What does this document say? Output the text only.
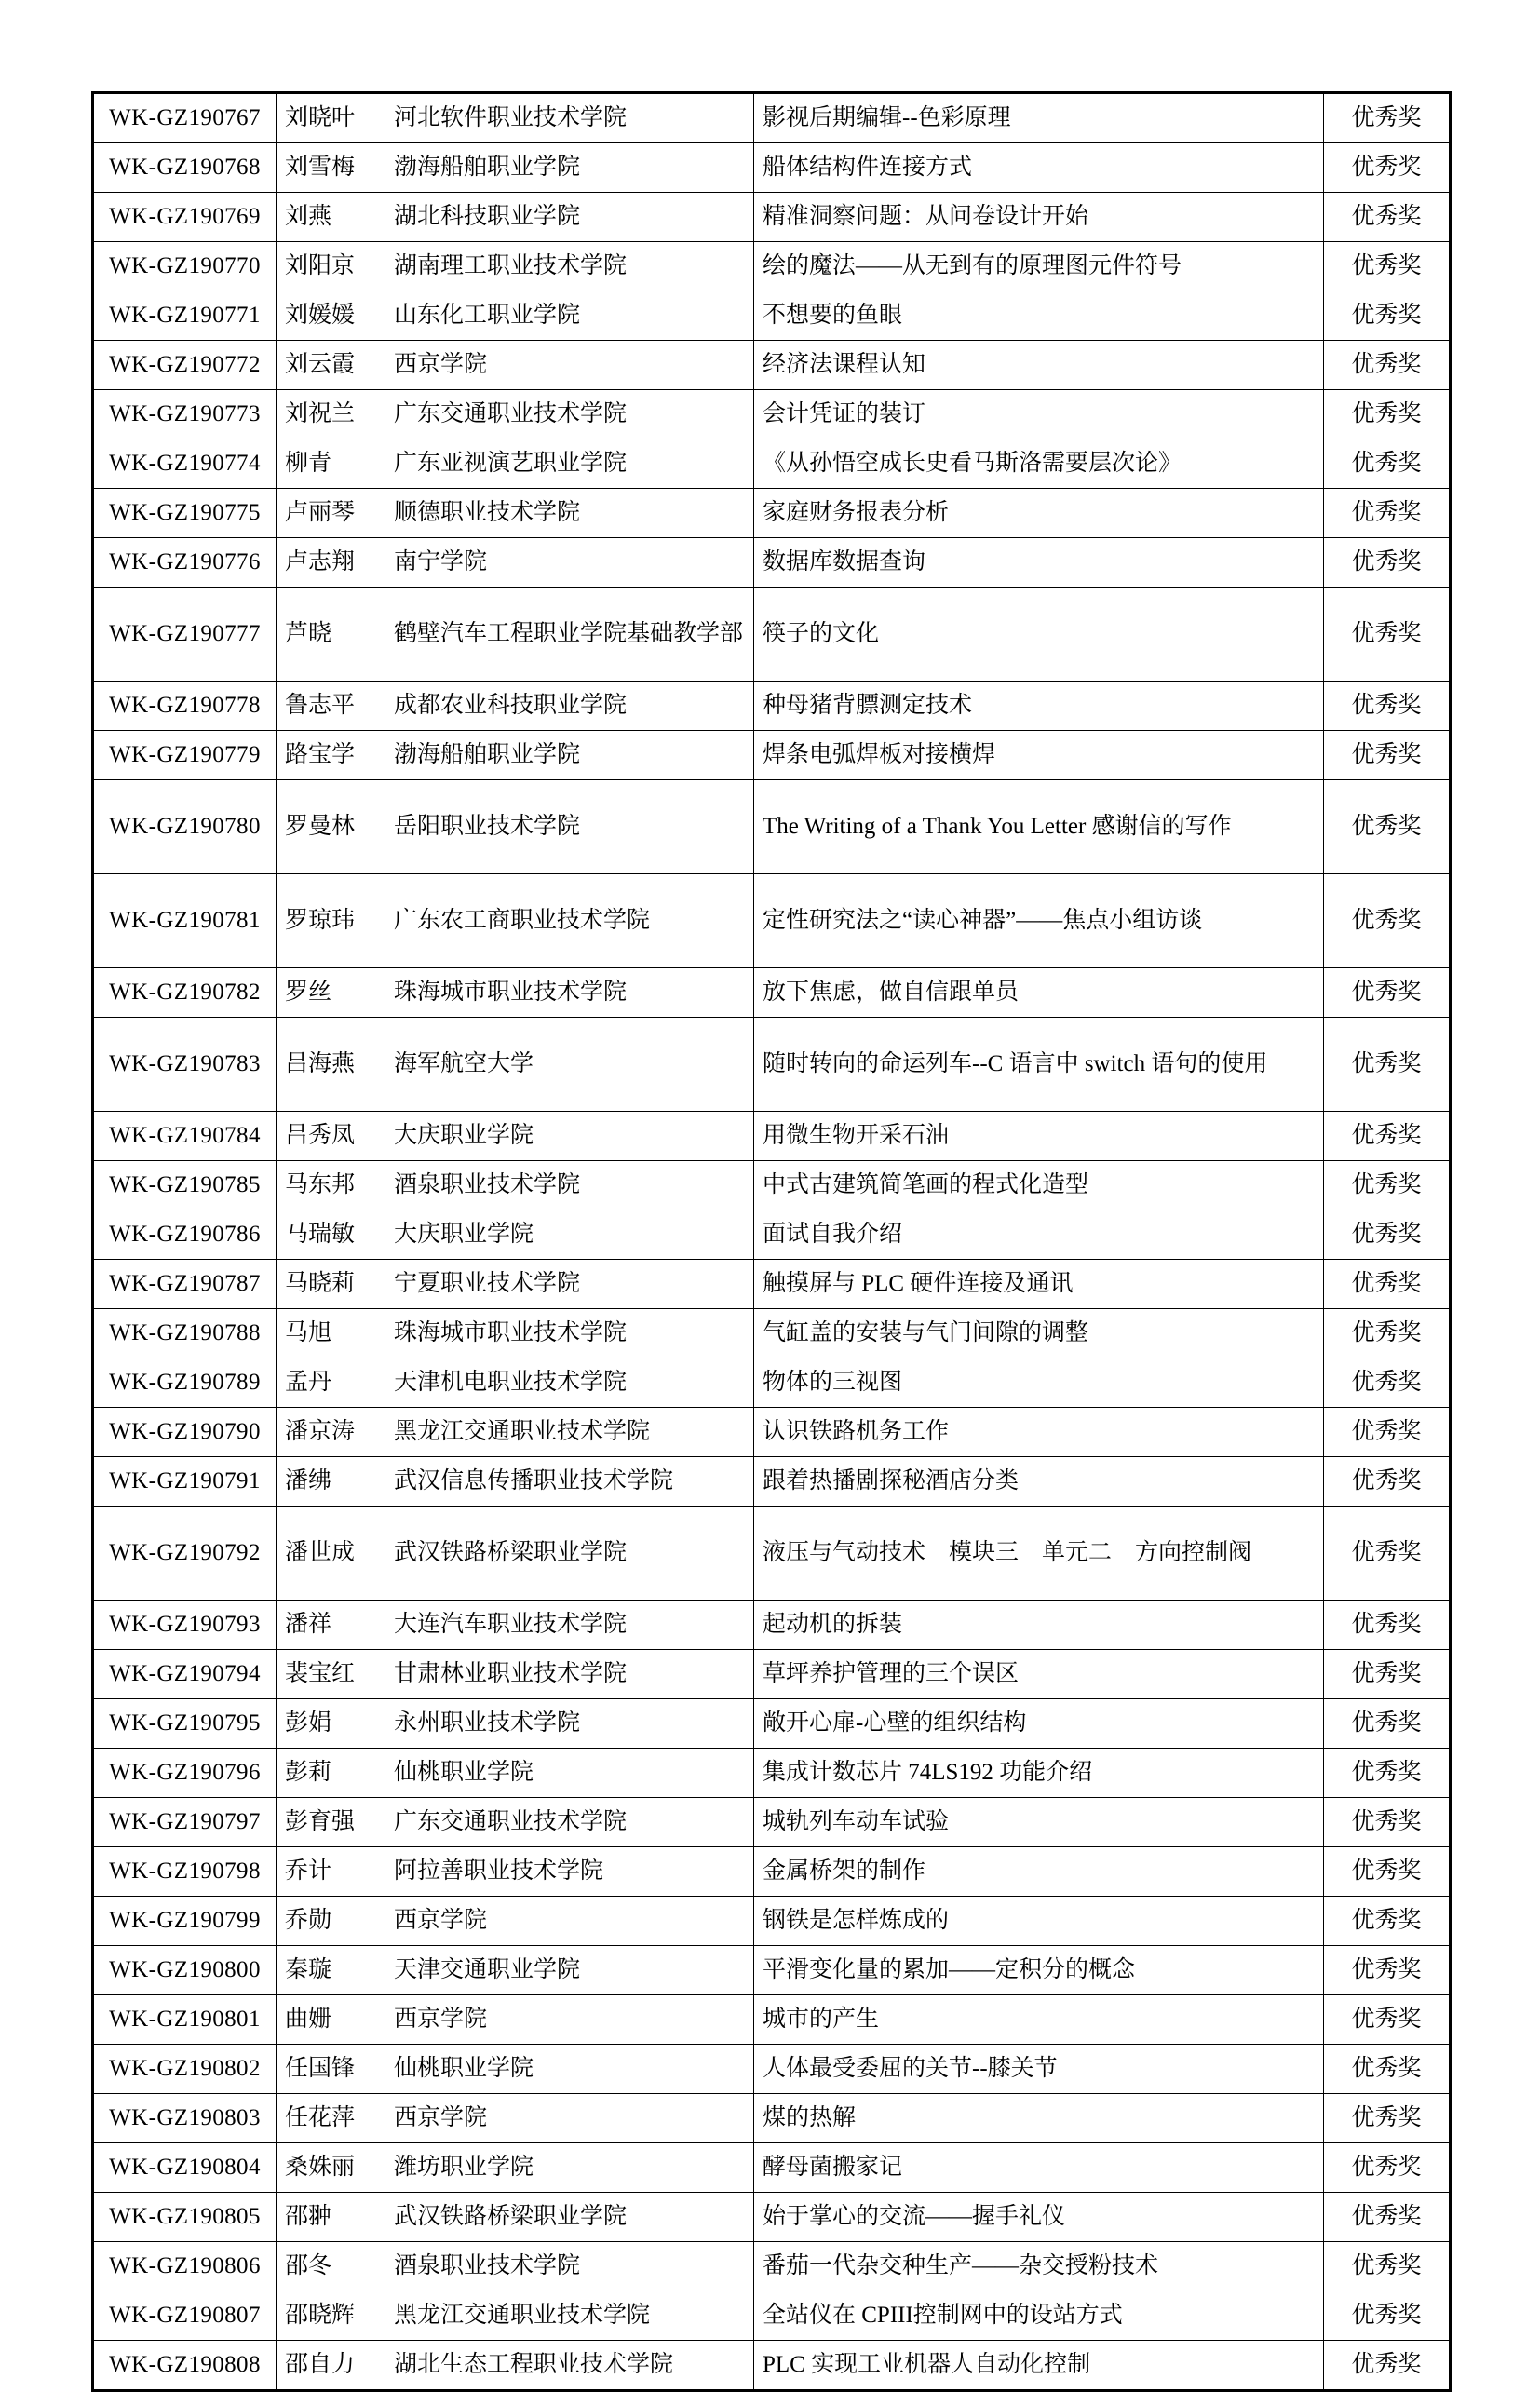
WK-GZ190767	刘晓叶	河北软件职业技术学院	影视后期编辑--色彩原理	优秀奖
WK-GZ190768	刘雪梅	渤海船舶职业学院	船体结构件连接方式	优秀奖
WK-GZ190769	刘燕	湖北科技职业学院	精准洞察问题：从问卷设计开始	优秀奖
WK-GZ190770	刘阳京	湖南理工职业技术学院	绘的魔法——从无到有的原理图元件符号	优秀奖
WK-GZ190771	刘媛媛	山东化工职业学院	不想要的鱼眼	优秀奖
WK-GZ190772	刘云霞	西京学院	经济法课程认知	优秀奖
WK-GZ190773	刘祝兰	广东交通职业技术学院	会计凭证的装订	优秀奖
WK-GZ190774	柳青	广东亚视演艺职业学院	《从孙悟空成长史看马斯洛需要层次论》	优秀奖
WK-GZ190775	卢丽琴	顺德职业技术学院	家庭财务报表分析	优秀奖
WK-GZ190776	卢志翔	南宁学院	数据库数据查询	优秀奖
WK-GZ190777	芦晓	鹤壁汽车工程职业学院基础教学部	筷子的文化	优秀奖
WK-GZ190778	鲁志平	成都农业科技职业学院	种母猪背膘测定技术	优秀奖
WK-GZ190779	路宝学	渤海船舶职业学院	焊条电弧焊板对接横焊	优秀奖
WK-GZ190780	罗曼林	岳阳职业技术学院	The Writing of a Thank You Letter 感谢信的写作	优秀奖
WK-GZ190781	罗琼玮	广东农工商职业技术学院	定性研究法之“读心神器”——焦点小组访谈	优秀奖
WK-GZ190782	罗丝	珠海城市职业技术学院	放下焦虑，做自信跟单员	优秀奖
WK-GZ190783	吕海燕	海军航空大学	随时转向的命运列车--C 语言中 switch 语句的使用	优秀奖
WK-GZ190784	吕秀凤	大庆职业学院	用微生物开采石油	优秀奖
WK-GZ190785	马东邦	酒泉职业技术学院	中式古建筑简笔画的程式化造型	优秀奖
WK-GZ190786	马瑞敏	大庆职业学院	面试自我介绍	优秀奖
WK-GZ190787	马晓莉	宁夏职业技术学院	触摸屏与 PLC 硬件连接及通讯	优秀奖
WK-GZ190788	马旭	珠海城市职业技术学院	气缸盖的安装与气门间隙的调整	优秀奖
WK-GZ190789	孟丹	天津机电职业技术学院	物体的三视图	优秀奖
WK-GZ190790	潘京涛	黑龙江交通职业技术学院	认识铁路机务工作	优秀奖
WK-GZ190791	潘绋	武汉信息传播职业技术学院	跟着热播剧探秘酒店分类	优秀奖
WK-GZ190792	潘世成	武汉铁路桥梁职业学院	液压与气动技术　模块三　单元二　方向控制阀	优秀奖
WK-GZ190793	潘祥	大连汽车职业技术学院	起动机的拆装	优秀奖
WK-GZ190794	裴宝红	甘肃林业职业技术学院	草坪养护管理的三个误区	优秀奖
WK-GZ190795	彭娟	永州职业技术学院	敞开心扉-心壁的组织结构	优秀奖
WK-GZ190796	彭莉	仙桃职业学院	集成计数芯片 74LS192 功能介绍	优秀奖
WK-GZ190797	彭育强	广东交通职业技术学院	城轨列车动车试验	优秀奖
WK-GZ190798	乔计	阿拉善职业技术学院	金属桥架的制作	优秀奖
WK-GZ190799	乔勋	西京学院	钢铁是怎样炼成的	优秀奖
WK-GZ190800	秦璇	天津交通职业学院	平滑变化量的累加——定积分的概念	优秀奖
WK-GZ190801	曲姗	西京学院	城市的产生	优秀奖
WK-GZ190802	任国锋	仙桃职业学院	人体最受委屈的关节--膝关节	优秀奖
WK-GZ190803	任花萍	西京学院	煤的热解	优秀奖
WK-GZ190804	桑姝丽	潍坊职业学院	酵母菌搬家记	优秀奖
WK-GZ190805	邵翀	武汉铁路桥梁职业学院	始于掌心的交流——握手礼仪	优秀奖
WK-GZ190806	邵冬	酒泉职业技术学院	番茄一代杂交种生产——杂交授粉技术	优秀奖
WK-GZ190807	邵晓辉	黑龙江交通职业技术学院	全站仪在 CPIII控制网中的设站方式	优秀奖
WK-GZ190808	邵自力	湖北生态工程职业技术学院	PLC 实现工业机器人自动化控制	优秀奖
